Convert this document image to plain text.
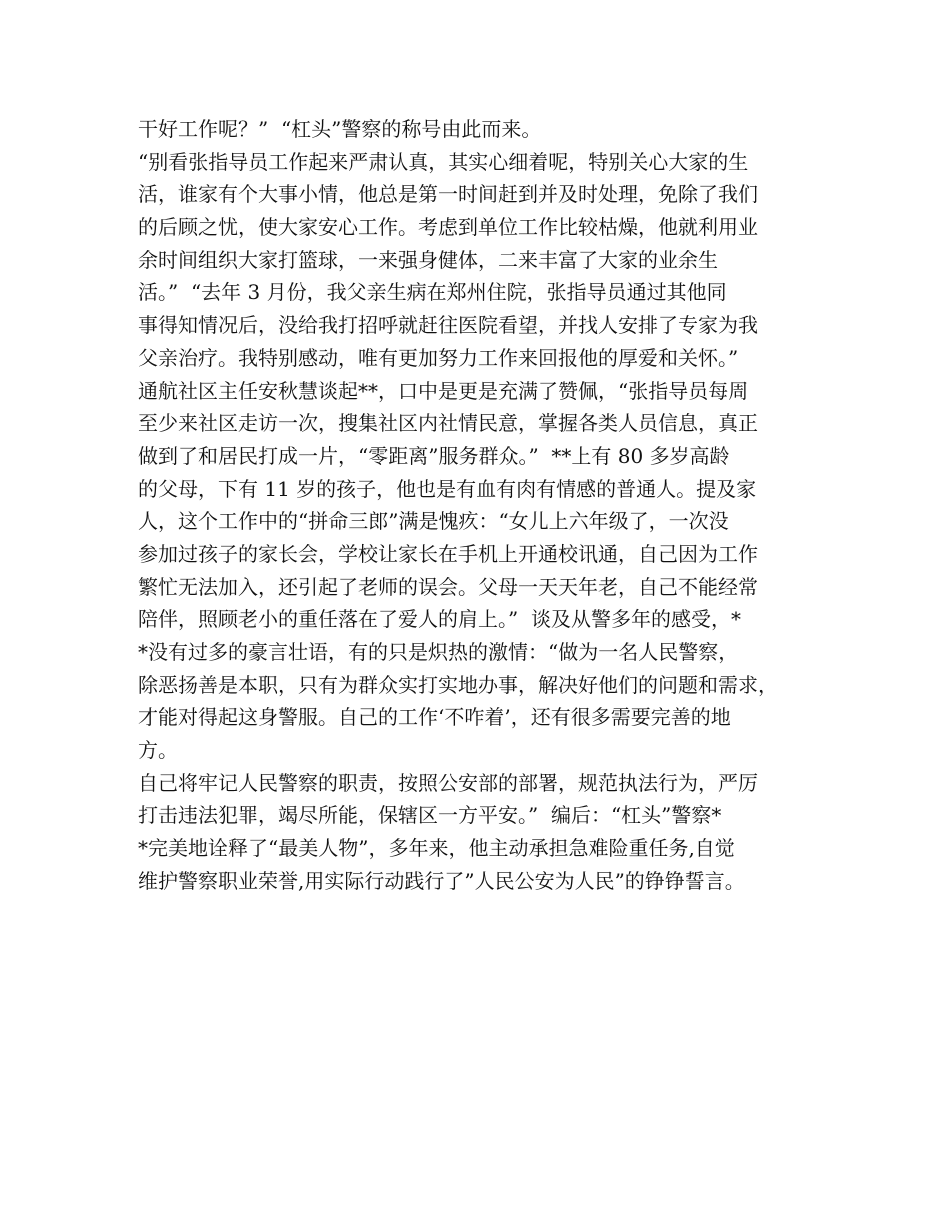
干好工作呢？”  “杠头”警察的称号由此而来。
“别看张指导员工作起来严肃认真，其实心细着呢，特别关心大家的生
活，谁家有个大事小情，他总是第一时间赶到并及时处理，免除了我们
的后顾之忧，使大家安心工作。考虑到单位工作比较枯燥，他就利用业
余时间组织大家打篮球，一来强身健体，二来丰富了大家的业余生
活。”  “去年 3 月份，我父亲生病在郑州住院，张指导员通过其他同
事得知情况后，没给我打招呼就赶往医院看望，并找人安排了专家为我
父亲治疗。我特别感动，唯有更加努力工作来回报他的厚爱和关怀。”
通航社区主任安秋慧谈起**，口中是更是充满了赞佩，“张指导员每周
至少来社区走访一次，搜集社区内社情民意，掌握各类人员信息，真正
做到了和居民打成一片，“零距离”服务群众。”  **上有 80 多岁高龄
的父母，下有 11 岁的孩子，他也是有血有肉有情感的普通人。提及家
人，这个工作中的“拼命三郎”满是愧疚：“女儿上六年级了，一次没
参加过孩子的家长会，学校让家长在手机上开通校讯通，自己因为工作
繁忙无法加入，还引起了老师的误会。父母一天天年老，自己不能经常
陪伴，照顾老小的重任落在了爱人的肩上。”  谈及从警多年的感受，*
*没有过多的豪言壮语，有的只是炽热的激情：“做为一名人民警察，
除恶扬善是本职，只有为群众实打实地办事，解决好他们的问题和需求，
才能对得起这身警服。自己的工作‘不咋着’，还有很多需要完善的地
方。
自己将牢记人民警察的职责，按照公安部的部署，规范执法行为，严厉
打击违法犯罪，竭尽所能，保辖区一方平安。”  编后：“杠头”警察*
*完美地诠释了“最美人物”，多年来，他主动承担急难险重任务,自觉
维护警察职业荣誉,用实际行动践行了”人民公安为人民”的铮铮誓言。
